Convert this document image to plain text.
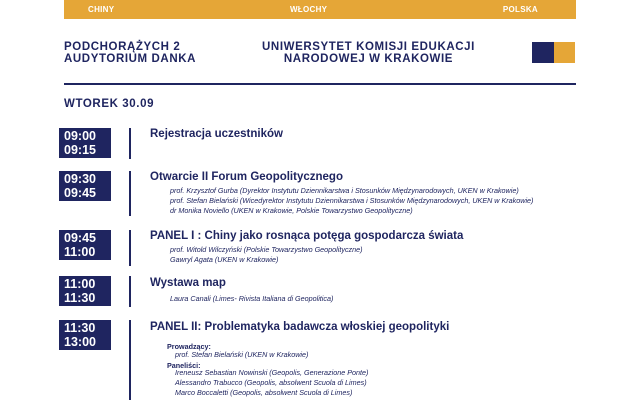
CHINY	WŁOCHY	POLSKA
PODCHORĄŻYCH 2
AUDYTORIUM DANKA
UNIWERSYTET KOMISJI EDUKACJI
NARODOWEJ W KRAKOWIE
WTOREK 30.09
09:00
09:15
Rejestracja uczestników
09:30
09:45
Otwarcie II Forum Geopolitycznego
prof. Krzysztof Gurba (Dyrektor Instytutu Dziennikarstwa i Stosunków Międzynarodowych, UKEN w Krakowie)
prof. Stefan Bielański (Wicedyrektor Instytutu Dziennikarstwa i Stosunków Międzynarodowych, UKEN w Krakowie)
dr Monika Noviello (UKEN w Krakowie, Polskie Towarzystwo Geopolityczne)
09:45
11:00
PANEL I : Chiny jako rosnąca potęga gospodarcza świata
prof. Witold Wilczyński (Polskie Towarzystwo Geopolityczne)
Gawryl Agata (UKEN w Krakowie)
11:00
11:30
Wystawa map
Laura Canali (Limes- Rivista Italiana di Geopolitica)
11:30
13:00
PANEL II: Problematyka badawcza włoskiej geopolityki
Prowadzący:
prof. Stefan Bielański (UKEN w Krakowie)
Paneliści:
Ireneusz Sebastian Nowinski (Geopolis, Generazione Ponte)
Alessandro Trabucco (Geopolis, absolwent Scuola di Limes)
Marco Boccaletti (Geopolis, absolwent Scuola di Limes)
